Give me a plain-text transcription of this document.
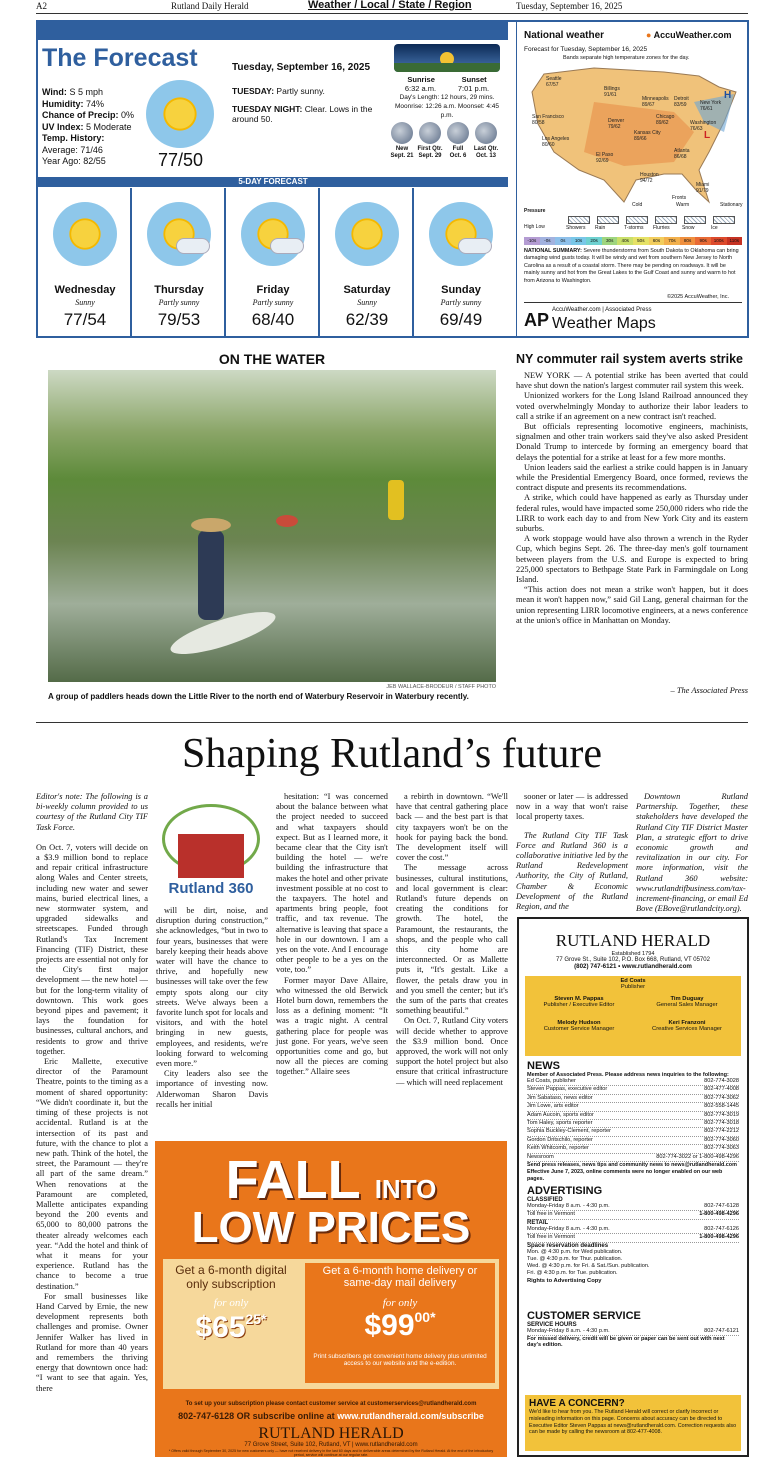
A2	Rutland Daily Herald	Weather / Local / State / Region	Tuesday, September 16, 2025
The Forecast
Wind: S 5 mph
Humidity: 74%
Chance of Precip: 0%
UV Index: 5 Moderate
Temp. History:
Average: 71/46
Year Ago: 82/55	77/50
Tuesday, September 16, 2025
TUESDAY: Partly sunny.
TUESDAY NIGHT: Clear. Lows in the around 50.
Sunrise	Sunset
6:32 a.m.	7:01 p.m.
Day's Length: 12 hours, 29 mins.
Moonrise: 12:26 a.m. Moonset: 4:45 p.m.
New
Sept. 21
First Qtr.
Sept. 29
Full
Oct. 6
Last Qtr.
Oct. 13
5-DAY FORECAST
Wednesday
Sunny
77/54
Thursday
Partly sunny
79/53
Friday
Partly sunny
68/40
Saturday
Sunny
62/39
Sunday
Partly sunny
69/49
National weather	● AccuWeather.com
Forecast for Tuesday, September 16, 2025
Bands separate high temperature zones for the day.
H
L
Seattle
67/57
Billings
91/61
Minneapolis
89/67
Detroit
83/59	New York
76/61
San Francisco
80/58	Denver
79/62
Chicago
89/62	Washington
76/63
Los Angeles
80/60
Kansas City
89/66
El Paso
92/69
Atlanta
86/68
Houston
94/72
Miami
91/79
Pressure
High Low	Showers Rain	T-storms Flurries Snow	Ice
Fronts
Cold	Warm	Stationary
-10s	-0s	0s	10s	20s	30s	40s	50s	60s	70s	80s	90s	100s	110s
NATIONAL SUMMARY: Severe thunderstorms from South Dakota to Oklahoma can bring damaging wind gusts today. It will be windy and wet from southern New Jersey to North Carolina as a result of a coastal storm. There may be pending on roadways. It will be mainly sunny and hot from the Great Lakes to the Gulf Coast and sunny and warm to hot from Arizona to Washington.
©2025 AccuWeather, Inc.
AP AccuWeather.com | Associated Press
Weather Maps
ON THE WATER
JEB WALLACE-BRODEUR / STAFF PHOTO
A group of paddlers heads down the Little River to the north end of Waterbury Reservoir in Waterbury recently.
NY commuter rail system averts strike

NEW YORK — A potential strike has been averted that could have shut down the nation's largest commuter rail system this week.

Unionized workers for the Long Island Railroad announced they voted overwhelmingly Monday to authorize their labor leaders to call a strike if an agreement on a new contract isn't reached.

But officials representing locomotive engineers, machinists, signalmen and other train workers said they've also asked President Donald Trump to intercede by forming an emergency board that delays the potential for a strike at least for a few more months.

Union leaders said the earliest a strike could happen is in January while the Presidential Emergency Board, once formed, reviews the contract dispute and presents its recommendations.

A strike, which could have happened as early as Thursday under federal rules, would have impacted some 250,000 riders who ride the LIRR to work each day to and from New York City and its eastern suburbs.

A work stoppage would have also thrown a wrench in the Ryder Cup, which begins Sept. 26. The three-day men's golf tournament between players from the U.S. and Europe is expected to bring 225,000 spectators to Bethpage State Park in Farmingdale on Long Island.

“This action does not mean a strike won't happen, but it does mean it won't happen now,” said Gil Lang, general chairman for the union representing LIRR locomotive engineers, at a news conference at the union's office in Manhattan on Monday.

– The Associated Press
Shaping Rutland’s future

Editor's note: The following is a bi-weekly column provided to us courtesy of the Rutland City TIF Task Force.

On Oct. 7, voters will decide on a $3.9 million bond to replace and repair critical infrastructure along Wales and Center streets, including new water and sewer mains, buried electrical lines, a new stormwater system, and upgraded sidewalks and streetscapes. Funded through Rutland's Tax Increment Financing (TIF) District, these projects are essential not only for the City's first major development — the new hotel — but for the long-term vitality of downtown. This work goes beyond pipes and pavement; it lays the foundation for businesses, cultural anchors, and residents to grow and thrive together.

Eric Mallette, executive director of the Paramount Theatre, points to the timing as a moment of shared opportunity: “We didn't coordinate it, but the timing of these projects is not accidental. Rutland is at the intersection of its past and future, with the chance to plot a new path. Think of the hotel, the street, the Paramount — they're all part of the same dream.” When renovations at the Paramount are completed, Mallette anticipates expanding beyond the 200 events and 65,000 to 80,000 patrons the theater already welcomes each year. “Add the hotel and think of what it means for your experience. Rutland has the chance to become a true destination.”

For small businesses like Hand Carved by Ernie, the new development represents both challenges and promise. Owner Jennifer Walker has lived in Rutland for more than 40 years and remembers the thriving energy that downtown once had: “I want to see that again. Yes, there

Rutland 360

will be dirt, noise, and disruption during construction,” she acknowledges, “but in two to four years, businesses that were barely keeping their heads above water will have the chance to thrive, and hopefully new businesses will take over the few empty spots along our city streets. We've always been a favorite lunch spot for locals and visitors, and with the hotel bringing in new guests, employees, and residents, we're looking forward to welcoming even more.”

City leaders also see the importance of investing now. Alderwoman Sharon Davis recalls her initial

hesitation: “I was concerned about the balance between what the project needed to succeed and what taxpayers should expect. But as I learned more, it became clear that the City isn't building the hotel — we're building the infrastructure that makes the hotel and other private investment possible at no cost to the taxpayers. The hotel and apartments bring people, foot traffic, and tax revenue. The alternative is leaving that space a hole in our downtown. I am a yes on the vote. And I encourage other people to be a yes on the vote, too.”

Former mayor Dave Allaire, who witnessed the old Berwick Hotel burn down, remembers the loss as a defining moment: “It was a tragic night. A central gathering place for people was just gone. For years, we've seen opportunities come and go, but now all the pieces are coming together.” Allaire sees

a rebirth in downtown. “We'll have that central gathering place back — and the best part is that city taxpayers won't be on the hook for paying back the bond. The development itself will cover the cost.”

The message across businesses, cultural institutions, and local government is clear: Rutland's future depends on creating the conditions for growth. The hotel, the Paramount, the restaurants, the shops, and the people who call this city home are interconnected. Or as Mallette puts it, “It's gestalt. Like a flower, the petals draw you in and you smell the center; but it's the sum of the parts that creates something beautiful.”

On Oct. 7, Rutland City voters will decide whether to approve the $3.9 million bond. Once approved, the work will not only support the hotel project but also ensure that critical infrastructure — which will need replacement

sooner or later — is addressed now in a way that won't raise local property taxes.

The Rutland City TIF Task Force and Rutland 360 is a collaborative initiative led by the Rutland Redevelopment Authority, the City of Rutland, Chamber & Economic Development of the Rutland Region, and the

Downtown Rutland Partnership. Together, these stakeholders have developed the Rutland City TIF District Master Plan, a strategic effort to drive economic growth and revitalization in our city. For more information, visit the Rutland 360 website: www.rutlandtifbusiness.com/tax-increment-financing, or email Ed Bove (EBove@rutlandcity.org).

FALL INTO
LOW PRICES
Get a 6-month digital only subscription
for only
$\$65^{25*}$
Get a 6-month home delivery or same-day mail delivery
for only
$\$99^{00*}$
Print subscribers get convenient home delivery plus unlimited access to our website and the e-edition.
To set up your subscription please contact customer service at customerservices@rutlandherald.com
802-747-6128 OR subscribe online at www.rutlandherald.com/subscribe
RUTLAND HERALD
77 Grove Street, Suite 102, Rutland, VT | www.rutlandherald.com
* Offers valid through September 30, 2025 for new customers only — have not received delivery in the last 60 days and in deliverable areas determined by the Rutland Herald. At the end of the introductory period, service will continue at our regular rate.
RUTLAND HERALD
Established 1794
77 Grove St., Suite 102, P.O. Box 668, Rutland, VT 05702
(802) 747-6121 • www.rutlandherald.com
Ed Coats
Publisher
Steven M. Pappas
Publisher / Executive Editor
Tim Duguay
General Sales Manager
Melody Hudson
Customer Service Manager
Keri Franzoni
Creative Services Manager
NEWS
Member of Associated Press. Please address news inquiries to the following:
Ed Coats, publisher	802-774-3028
Steven Pappas, executive editor	802-477-4008
Jim Sabataso, news editor	802-774-3062
Jim Lowe, arts editor	802-558-1445
Adam Aucoin, sports editor	802-774-3019
Tom Haley, sports reporter	802-774-3018
Sophia Buckley-Clement, reporter	802-774-2212
Gordon Dritschilo, reporter	802-774-3060
Keith Whitcomb, reporter	802-774-3063
Newsroom	802-774-3022 or 1-800-498-4296
Send press releases, news tips and community news to news@rutlandherald.com Effective June 7, 2023, online comments were no longer enabled on our web pages.
ADVERTISING
CLASSIFIED
Monday-Friday 8 a.m. - 4:30 p.m.	802-747-6128
Toll free in Vermont	1-800-498-4296
RETAIL
Monday-Friday 8 a.m. - 4:30 p.m.	802-747-6126
Toll free in Vermont	1-800-498-4296
Space reservation deadlines
Mon. @ 4:30 p.m. for Wed publication.
Tue. @ 4:30 p.m. for Thur. publication.
Wed. @ 4:30 p.m. for Fri. & Sat./Sun. publication.
Fri. @ 4:30 p.m. for Tue. publication.
Rights to Advertising Copy
CUSTOMER SERVICE
SERVICE HOURS
Monday-Friday 8 a.m. - 4:30 p.m.	802-747-6121
For missed delivery, credit will be given or paper can be sent out with next day's edition.
HAVE A CONCERN?
We'd like to hear from you. The Rutland Herald will correct or clarify incorrect or misleading information on this page. Concerns about accuracy can be directed to Executive Editor Steven Pappas at news@rutlandherald.com. Correction requests also can be made by calling the newsroom at 802-477-4008.
